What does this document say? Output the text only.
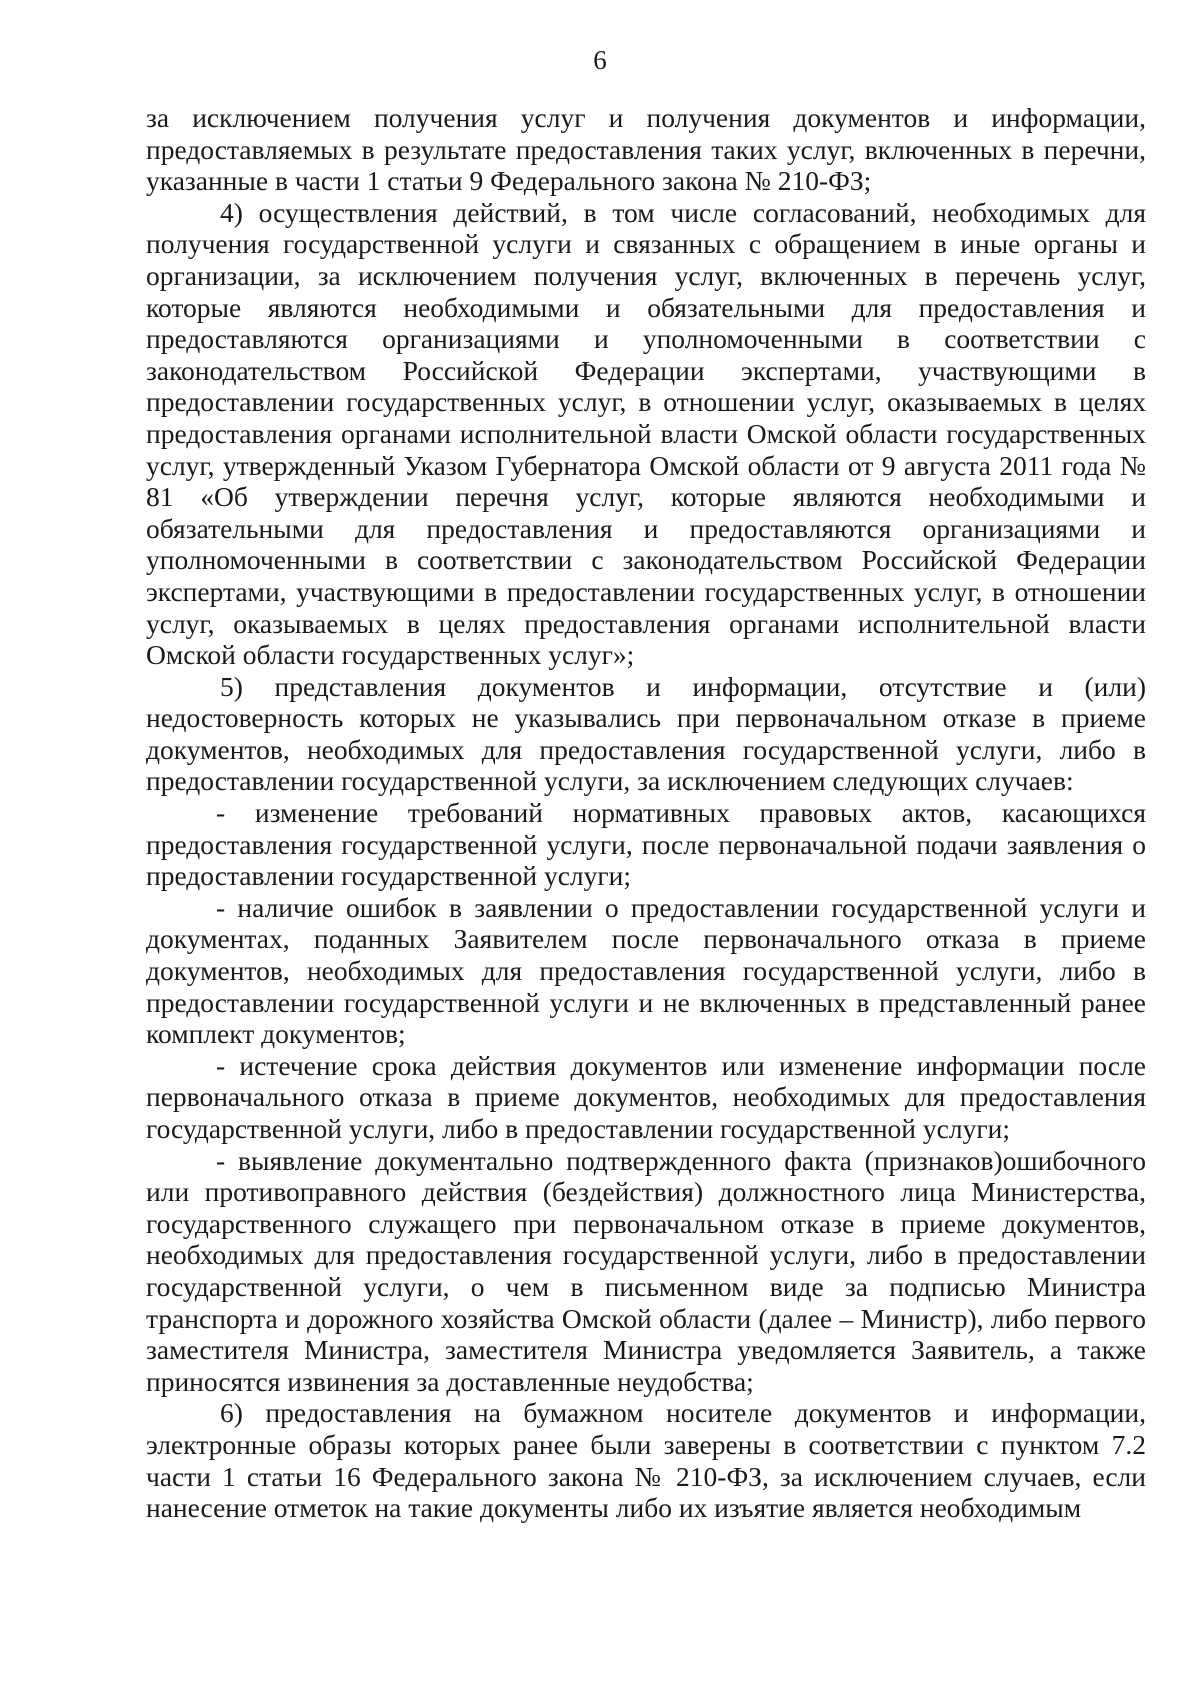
6

за исключением получения услуг и получения документов и информации, предоставляемых в результате предоставления таких услуг, включенных в перечни, указанные в части 1 статьи 9 Федерального закона № 210-ФЗ;

4) осуществления действий, в том числе согласований, необходимых для получения государственной услуги и связанных с обращением в иные органы и организации, за исключением получения услуг, включенных в перечень услуг, которые являются необходимыми и обязательными для предоставления и предоставляются организациями и уполномоченными в соответствии с законодательством Российской Федерации экспертами, участвующими в предоставлении государственных услуг, в отношении услуг, оказываемых в целях предоставления органами исполнительной власти Омской области государственных услуг, утвержденный Указом Губернатора Омской области от 9 августа 2011 года № 81 «Об утверждении перечня услуг, которые являются необходимыми и обязательными для предоставления и предоставляются организациями и уполномоченными в соответствии с законодательством Российской Федерации экспертами, участвующими в предоставлении государственных услуг, в отношении услуг, оказываемых в целях предоставления органами исполнительной власти Омской области государственных услуг»;

5) представления документов и информации, отсутствие и (или) недостоверность которых не указывались при первоначальном отказе в приеме документов, необходимых для предоставления государственной услуги, либо в предоставлении государственной услуги, за исключением следующих случаев:

- изменение требований нормативных правовых актов, касающихся предоставления государственной услуги, после первоначальной подачи заявления о предоставлении государственной услуги;

- наличие ошибок в заявлении о предоставлении государственной услуги и документах, поданных Заявителем после первоначального отказа в приеме документов, необходимых для предоставления государственной услуги, либо в предоставлении государственной услуги и не включенных в представленный ранее комплект документов;

- истечение срока действия документов или изменение информации после первоначального отказа в приеме документов, необходимых для предоставления государственной услуги, либо в предоставлении государственной услуги;

- выявление документально подтвержденного факта (признаков)ошибочного или противоправного действия (бездействия) должностного лица Министерства, государственного служащего при первоначальном отказе в приеме документов, необходимых для предоставления государственной услуги, либо в предоставлении государственной услуги, о чем в письменном виде за подписью Министра транспорта и дорожного хозяйства Омской области (далее – Министр), либо первого заместителя Министра, заместителя Министра уведомляется Заявитель, а также приносятся извинения за доставленные неудобства;

6) предоставления на бумажном носителе документов и информации, электронные образы которых ранее были заверены в соответствии с пунктом 7.2 части 1 статьи 16 Федерального закона № 210-ФЗ, за исключением случаев, если нанесение отметок на такие документы либо их изъятие является необходимым
